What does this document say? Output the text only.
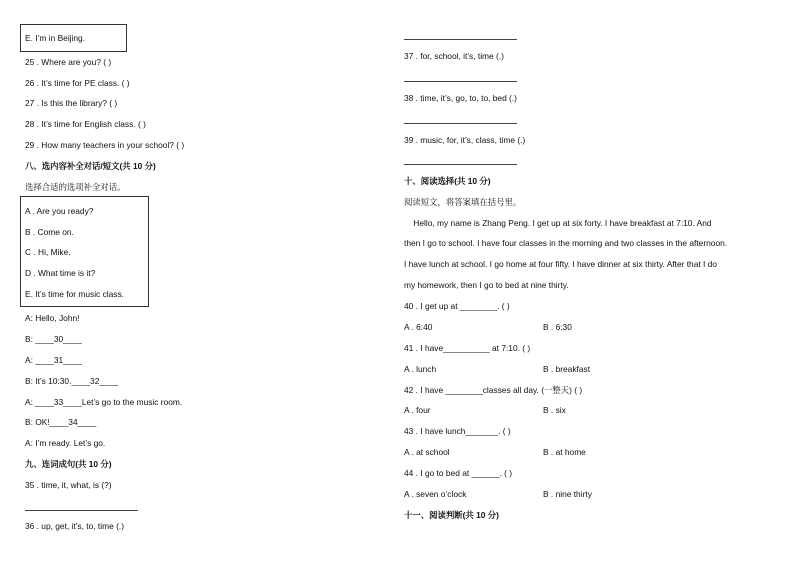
E. I’m in Beijing.
25 . Where are you? ( )
26 . It’s time for PE class. ( )
27 . Is this the library? ( )
28 . It’s time for English class. ( )
29 . How many teachers in your school? ( )
八、选内容补全对话/短文(共 10 分)
选择合适的选项补全对话。
A . Are you ready?
B . Come on.
C . Hi, Mike.
D . What time is it?
E. It’s time for music class.
A: Hello, John!
B: ____30____
A: ____31____
B: It’s 10:30.____32____
A: ____33____Let’s go to the music room.
B: OK!____34____
A: I’m ready. Let’s go.
九、连词成句(共 10 分)
35 . time, it, what, is (?)
36 . up, get, it’s, to, time (.)
37 . for, school, it’s, time (.)
38 . time, it’s, go, to, to, bed (.)
39 . music, for, it’s, class, time (.)
十、阅读选择(共 10 分)
阅读短文，将答案填在括号里。
Hello, my name is Zhang Peng. I get up at six forty. I have breakfast at 7:10. And
then I go to school. I have four classes in the morning and two classes in the afternoon.
I have lunch at school. I go home at four fifty. I have dinner at six thirty. After that I do
my homework, then I go to bed at nine thirty.
40 . I get up at ________. ( )
A . 6:40	B . 6:30
41 . I have__________ at 7:10. ( )
A . lunch	B . breakfast
42 . I have ________classes all day. (一整天) ( )
A . four	B . six
43 . I have lunch_______. ( )
A . at school	B . at home
44 . I go to bed at ______. ( )
A . seven o’clock	B . nine thirty
十一、阅读判断(共 10 分)
